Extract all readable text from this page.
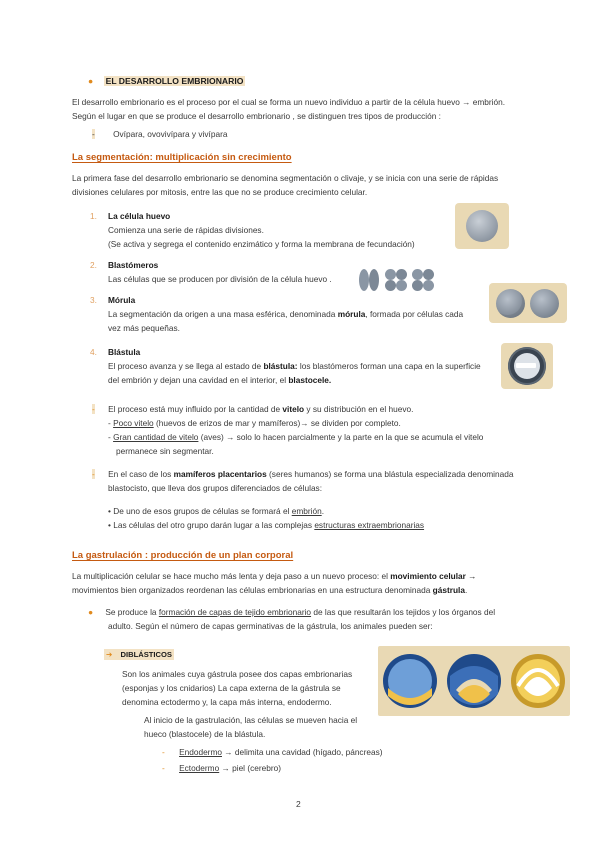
● EL DESARROLLO EMBRIONARIO
El desarrollo embrionario es el proceso por el cual se forma un nuevo individuo a partir de la célula huevo → embrión.
Según el lugar en que se produce el desarrollo embrionario , se distinguen tres tipos de producción :
- Ovípara, ovovivípara y vivípara
La segmentación: multiplicación sin crecimiento
La primera fase del desarrollo embrionario se denomina segmentación o clivaje, y se inicia con una serie de rápidas
divisiones celulares por mitosis, entre las que no se produce crecimiento celular.
1. La célula huevo
Comienza una serie de rápidas divisiones.
(Se activa y segrega el contenido enzimático y forma la membrana de fecundación)
2. Blastómeros
Las células que se producen por división de la célula huevo .
3. Mórula
La segmentación da origen a una masa esférica, denominada mórula, formada por células cada
vez más pequeñas.
4. Blástula
El proceso avanza y se llega al estado de blástula: los blastómeros forman una capa en la superficie
del embrión y dejan una cavidad en el interior, el blastocele.
- El proceso está muy influido por la cantidad de vitelo y su distribución en el huevo.
- Poco vitelo (huevos de erizos de mar y mamíferos)→ se dividen por completo.
- Gran cantidad de vitelo (aves) → solo lo hacen parcialmente y la parte en la que se acumula el vitelo
permanece sin segmentar.
- En el caso de los mamíferos placentarios (seres humanos) se forma una blástula especializada denominada
blastocisto, que lleva dos grupos diferenciados de células:
• De uno de esos grupos de células se formará el embrión.
• Las células del otro grupo darán lugar a las complejas estructuras extraembrionarias
La gastrulación : producción de un plan corporal
La multiplicación celular se hace mucho más lenta y deja paso a un nuevo proceso: el movimiento celular →
movimientos bien organizados reordenan las células embrionarias en una estructura denominada gástrula.
● Se produce la formación de capas de tejido embrionario de las que resultarán los tejidos y los órganos del
adulto. Según el número de capas germinativas de la gástrula, los animales pueden ser:
➔ DIBLÁSTICOS
Son los animales cuya gástrula posee dos capas embrionarias
(esponjas y los cnidarios) La capa externa de la gástrula se
denomina ectodermo y, la capa más interna, endodermo.
Al inicio de la gastrulación, las células se mueven hacia el
hueco (blastocele) de la blástula.
- Endodermo → delimita una cavidad (hígado, páncreas)
- Ectodermo → piel (cerebro)
2
